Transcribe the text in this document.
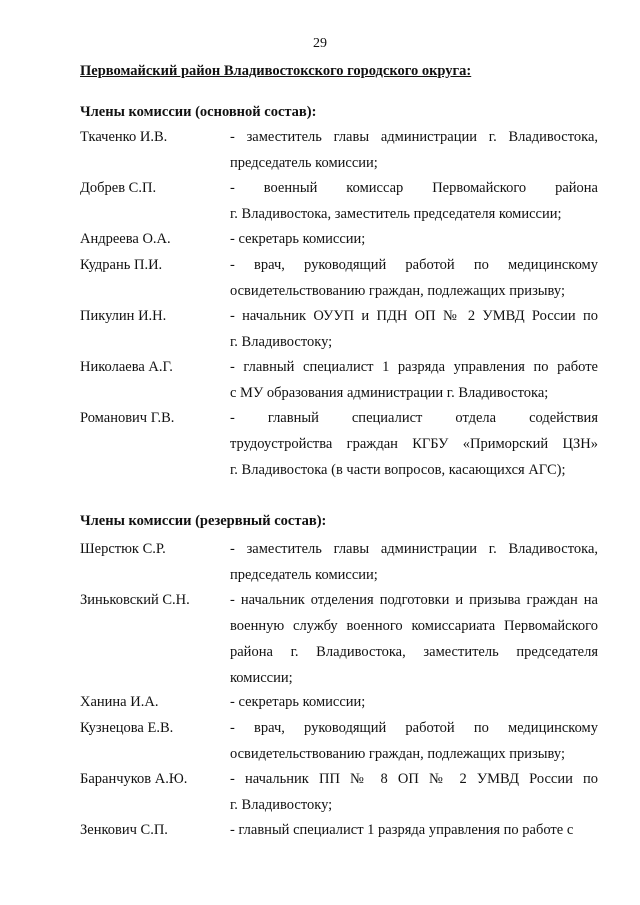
29
Первомайский район Владивостокского городского округа:
Члены комиссии (основной состав):
Ткаченко И.В.	- заместитель главы администрации г. Владивостока,
председатель комиссии;
Добрев С.П.	- военный комиссар Первомайского района
г. Владивостока, заместитель председателя комиссии;
Андреева О.А.	- секретарь комиссии;
Кудрань П.И.	- врач, руководящий работой по медицинскому
освидетельствованию граждан, подлежащих призыву;
Пикулин И.Н.	- начальник ОУУП и ПДН ОП № 2 УМВД России по
г. Владивостоку;
Николаева А.Г.	- главный специалист 1 разряда управления по работе
с МУ образования администрации г. Владивостока;
Романович Г.В.	- главный специалист отдела содействия
трудоустройства граждан КГБУ «Приморский ЦЗН»
г. Владивостока (в части вопросов, касающихся АГС);
Члены комиссии (резервный состав):
Шерстюк С.Р.	- заместитель главы администрации г. Владивостока,
председатель комиссии;
Зиньковский С.Н.	- начальник отделения подготовки и призыва граждан на
военную службу военного комиссариата Первомайского
района г. Владивостока, заместитель председателя
комиссии;
Ханина И.А.	- секретарь комиссии;
Кузнецова Е.В.	- врач, руководящий работой по медицинскому
освидетельствованию граждан, подлежащих призыву;
Баранчуков А.Ю.	- начальник ПП № 8 ОП № 2 УМВД России по
г. Владивостоку;
Зенкович С.П.	- главный специалист 1 разряда управления по работе с
